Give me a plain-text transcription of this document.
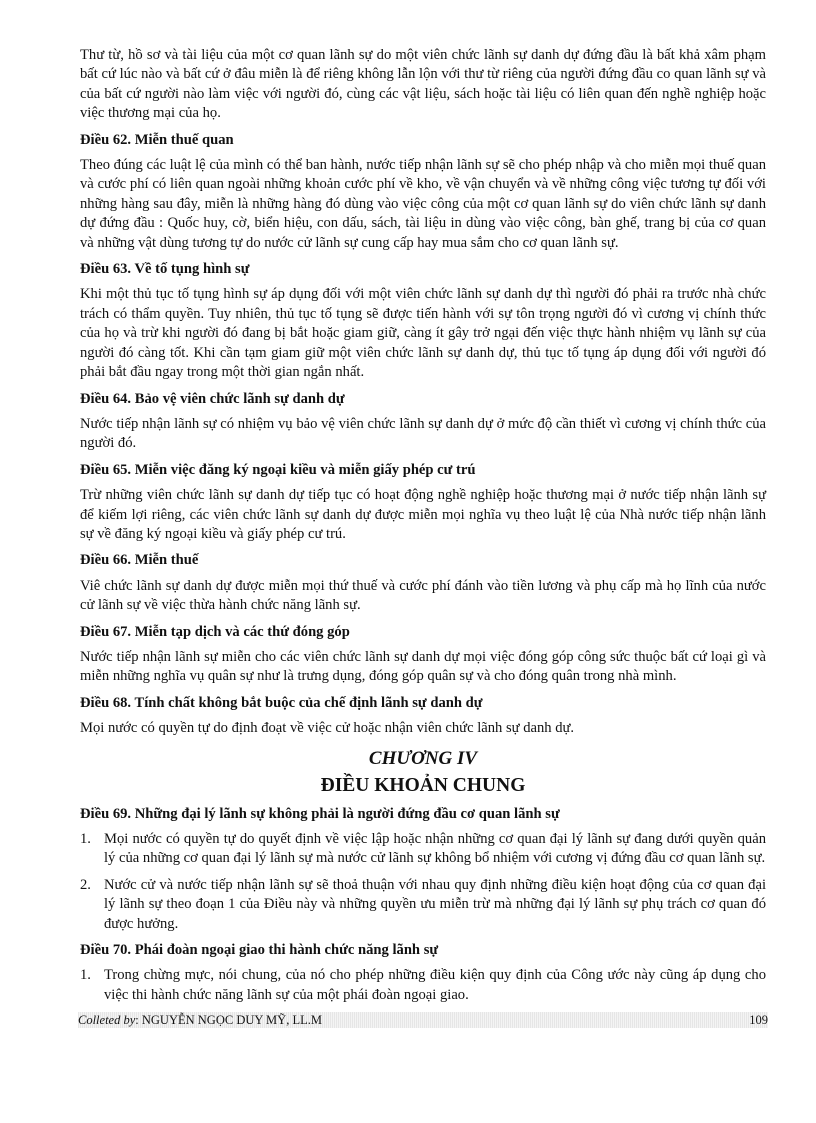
Thư từ, hồ sơ và tài liệu của một cơ quan lãnh sự do một viên chức lãnh sự danh dự đứng đầu là bất khả xâm phạm bất cứ lúc nào và bất cứ ở đâu miễn là để riêng không lẫn lộn với thư từ riêng của người đứng đầu co quan lãnh sự và của bất cứ người nào làm việc với người đó, cùng các vật liệu, sách hoặc tài liệu có liên quan đến nghề nghiệp hoặc việc thương mại của họ.

Điều 62. Miễn thuế quan

Theo đúng các luật lệ của mình có thể ban hành, nước tiếp nhận lãnh sự sẽ cho phép nhập và cho miễn mọi thuế quan và cước phí có liên quan ngoài những khoản cước phí về kho, về vận chuyển và về những công việc tương tự đối với những hàng sau đây, miễn là những hàng đó dùng vào việc công của một cơ quan lãnh sự do viên chức lãnh sự danh dự đứng đầu : Quốc huy, cờ, biển hiệu, con dấu, sách, tài liệu in dùng vào việc công, bàn ghế, trang bị của cơ quan và những vật dùng tương tự do nước cử lãnh sự cung cấp hay mua sắm cho cơ quan lãnh sự.

Điều 63. Về tố tụng hình sự

Khi một thủ tục tố tụng hình sự áp dụng đối với một viên chức lãnh sự danh dự thì người đó phải ra trước nhà chức trách có thẩm quyền. Tuy nhiên, thủ tục tố tụng sẽ được tiến hành với sự tôn trọng người đó vì cương vị chính thức của họ và trừ khi người đó đang bị bắt hoặc giam giữ, càng ít gây trở ngại đến việc thực hành nhiệm vụ lãnh sự của người đó càng tốt. Khi cần tạm giam giữ một viên chức lãnh sự danh dự, thủ tục tố tụng áp dụng đối với người đó phải bắt đầu ngay trong một thời gian ngắn nhất.

Điều 64. Bảo vệ viên chức lãnh sự danh dự

Nước tiếp nhận lãnh sự có nhiệm vụ bảo vệ viên chức lãnh sự danh dự ở mức độ cần thiết vì cương vị chính thức của người đó.

Điều 65. Miễn việc đăng ký ngoại kiều và miễn giấy phép cư trú

Trừ những viên chức lãnh sự danh dự tiếp tục có hoạt động nghề nghiệp hoặc thương mại ở nước tiếp nhận lãnh sự để kiếm lợi riêng, các viên chức lãnh sự danh dự được miễn mọi nghĩa vụ theo luật lệ của Nhà nước tiếp nhận lãnh sự về đăng ký ngoại kiều và giấy phép cư trú.

Điều 66. Miễn thuế

Viê chức lãnh sự danh dự được miễn mọi thứ thuế và cước phí đánh vào tiền lương và phụ cấp mà họ lĩnh của nước cử lãnh sự về việc thừa hành chức năng lãnh sự.

Điều 67. Miễn tạp dịch và các thứ đóng góp

Nước tiếp nhận lãnh sự miễn cho các viên chức lãnh sự danh dự mọi việc đóng góp công sức thuộc bất cứ loại gì và miễn những nghĩa vụ quân sự như là trưng dụng, đóng góp quân sự và cho đóng quân trong nhà mình.

Điều 68. Tính chất không bắt buộc của chế định lãnh sự danh dự

Mọi nước có quyền tự do định đoạt về việc cử hoặc nhận viên chức lãnh sự danh dự.

CHƯƠNG IV
ĐIỀU KHOẢN CHUNG
Điều 69. Những đại lý lãnh sự không phải là người đứng đầu cơ quan lãnh sự
1. Mọi nước có quyền tự do quyết định về việc lập hoặc nhận những cơ quan đại lý lãnh sự đang dưới quyền quản lý của những cơ quan đại lý lãnh sự mà nước cử lãnh sự không bổ nhiệm với cương vị đứng đầu cơ quan lãnh sự.
2. Nước cử và nước tiếp nhận lãnh sự sẽ thoả thuận với nhau quy định những điều kiện hoạt động của cơ quan đại lý lãnh sự theo đoạn 1 của Điều này và những quyền ưu miễn trừ mà những đại lý lãnh sự phụ trách cơ quan đó được hưởng.
Điều 70. Phái đoàn ngoại giao thi hành chức năng lãnh sự
1. Trong chừng mực, nói chung, của nó cho phép những điều kiện quy định của Công ước này cũng áp dụng cho việc thi hành chức năng lãnh sự của một phái đoàn ngoại giao.
Colleted by: NGUYỄN NGỌC DUY MỸ, LL.M	109
